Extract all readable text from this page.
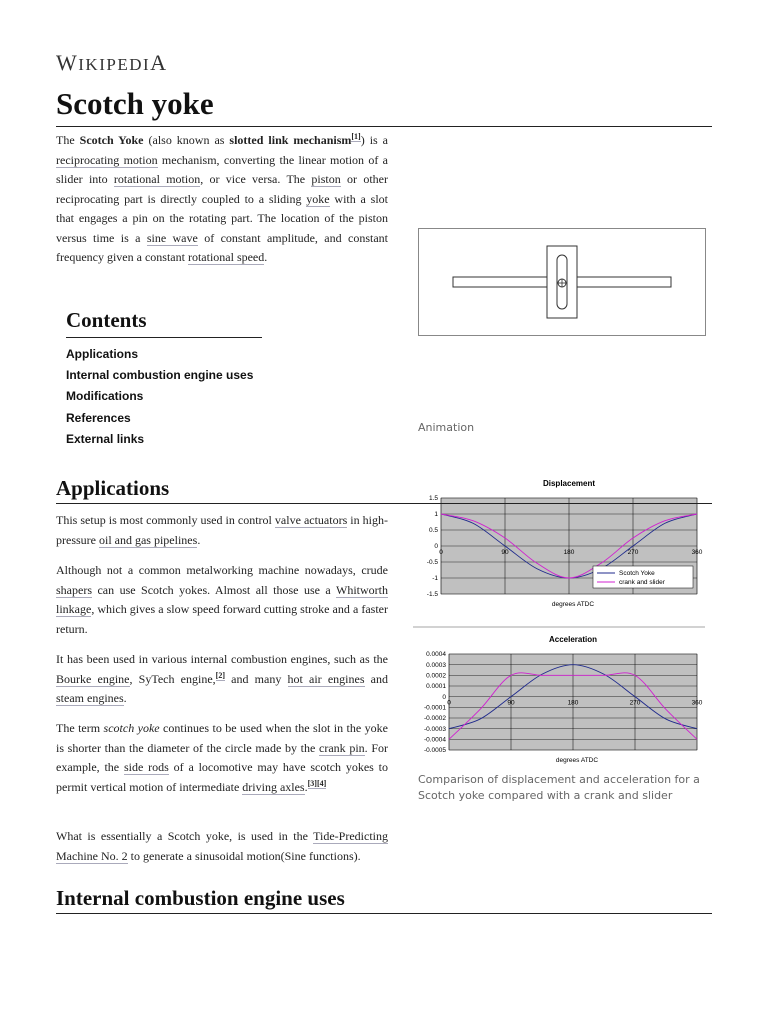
WIKIPEDIA
Scotch yoke

The Scotch Yoke (also known as slotted link mechanism[1]) is a reciprocating motion mechanism, converting the linear motion of a slider into rotational motion, or vice versa. The piston or other reciprocating part is directly coupled to a sliding yoke with a slot that engages a pin on the rotating part. The location of the piston versus time is a sine wave of constant amplitude, and constant frequency given a constant rotational speed.

Contents
Applications
Internal combustion engine uses
Modifications
References
External links
Animation
Displacement
1.5
1
0.5
0
-0.5
-1
-1.5
0	90	180	270	360
degrees ATDC
Scotch Yoke
crank and slider
Acceleration
0.0004
0.0003
0.0002
0.0001
0
-0.0001
-0.0002
-0.0003
-0.0004
-0.0005
0	90	180	270	360
degrees ATDC
Comparison of displacement and acceleration for a
Scotch yoke compared with a crank and slider
Applications

This setup is most commonly used in control valve actuators in high-pressure oil and gas pipelines.

Although not a common metalworking machine nowadays, crude shapers can use Scotch yokes. Almost all those use a Whitworth linkage, which gives a slow speed forward cutting stroke and a faster return.

It has been used in various internal combustion engines, such as the Bourke engine, SyTech engine,[2] and many hot air engines and steam engines.

The term scotch yoke continues to be used when the slot in the yoke is shorter than the diameter of the circle made by the crank pin. For example, the side rods of a locomotive may have scotch yokes to permit vertical motion of intermediate driving axles.[3][4]

What is essentially a Scotch yoke, is used in the Tide-Predicting Machine No. 2 to generate a sinusoidal motion(Sine functions).

Internal combustion engine uses
